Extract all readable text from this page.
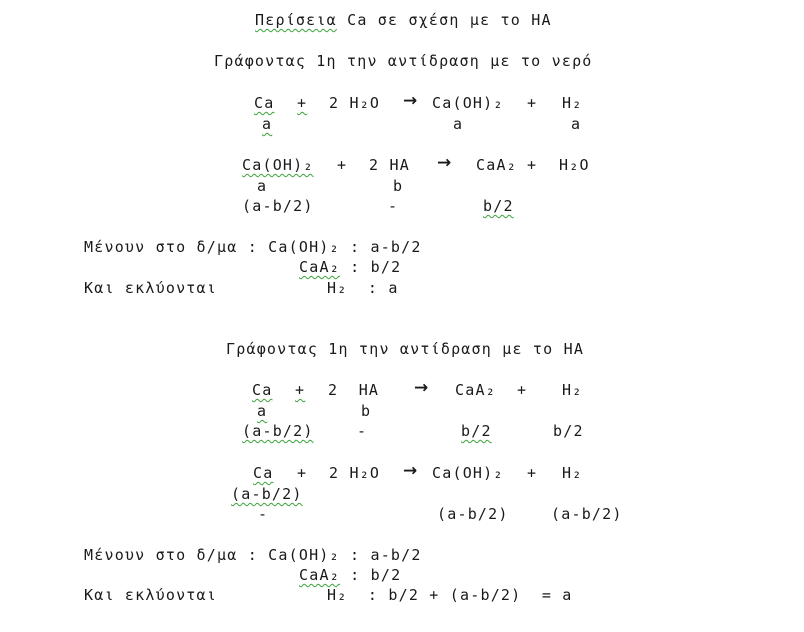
Περίσεια Ca σε σχέση με το HA
Γράφοντας 1η την αντίδραση με το νερό
Ca + 2 H₂O → Ca(OH)₂ + H₂
a	a	a
Ca(OH)₂ + 2 HA → CaA₂ + H₂O
a	b
(a-b/2)	-	b/2
Μένουν στο δ/μα : Ca(OH)₂ : a-b/2
CaA₂ : b/2
Και εκλύονται	H₂  : a
Γράφοντας 1η την αντίδραση με το HA
Ca + 2  HA → CaA₂ + H₂
a	b
(a-b/2)	-	b/2	b/2
Ca + 2 H₂O → Ca(OH)₂ + H₂
(a-b/2)
-	(a-b/2)	(a-b/2)
Μένουν στο δ/μα : Ca(OH)₂ : a-b/2
CaA₂ : b/2
Και εκλύονται	H₂  : b/2 + (a-b/2)  = a
